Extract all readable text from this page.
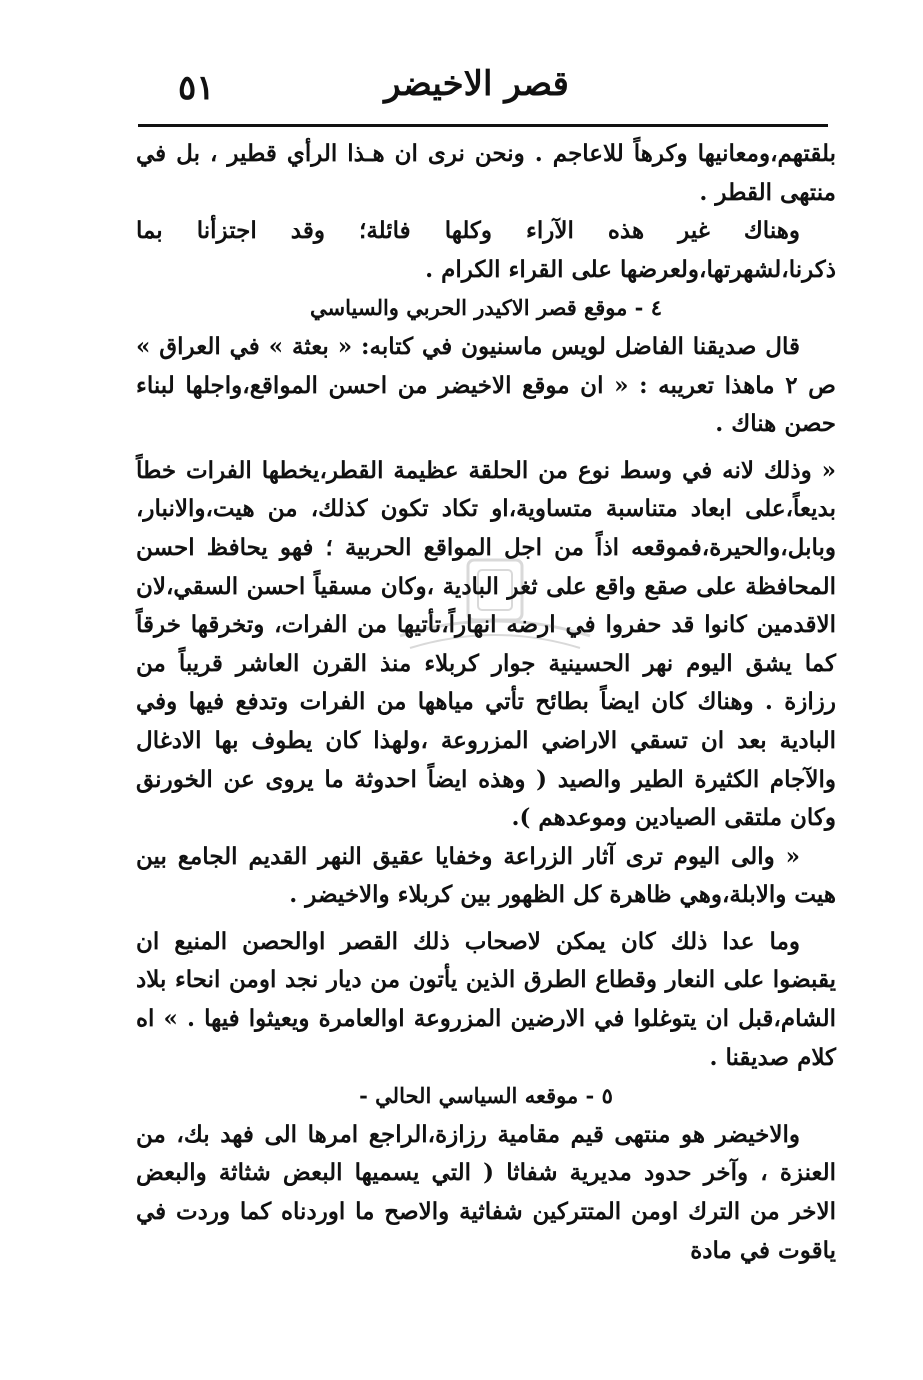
قصر الاخيضر
٥١

بلقتهم،ومعانيها وكرهاً للاعاجم . ونحن نرى ان هـذا الرأي قطير ، بل في منتهى القطر .

وهناك غير هذه الآراء وكلها فائلة؛ وقد اجتزأنا بما ذكرنا،لشهرتها،ولعرضها على القراء الكرام .

٤ - موقع قصر الاكيدر الحربي والسياسي

قال صديقنا الفاضل لويس ماسنيون في كتابه: « بعثة » في العراق » ص ٢ ماهذا تعريبه : « ان موقع الاخيضر من احسن المواقع،واجلها لبناء حصن هناك .

« وذلك لانه في وسط نوع من الحلقة عظيمة القطر،يخطها الفرات خطاً بديعاً،على ابعاد متناسبة متساوية،او تكاد تكون كذلك، من هيت،والانبار، وبابل،والحيرة،فموقعه اذاً من اجل المواقع الحربية ؛ فهو يحافظ احسن المحافظة على صقع واقع على ثغر البادية ،وكان مسقياً احسن السقي،لان الاقدمين كانوا قد حفروا في ارضه انهاراً،تأتيها من الفرات، وتخرقها خرقاً كما يشق اليوم نهر الحسينية جوار كربلاء منذ القرن العاشر قريباً من رزازة . وهناك كان ايضاً بطائح تأتي مياهها من الفرات وتدفع فيها وفي البادية بعد ان تسقي الاراضي المزروعة ،ولهذا كان يطوف بها الادغال والآجام الكثيرة الطير والصيد ( وهذه ايضاً احدوثة ما يروى عن الخورنق وكان ملتقى الصيادين وموعدهم ).

« والى اليوم ترى آثار الزراعة وخفايا عقيق النهر القديم الجامع بين هيت والابلة،وهي ظاهرة كل الظهور بين كربلاء والاخيضر .

وما عدا ذلك كان يمكن لاصحاب ذلك القصر اوالحصن المنيع ان يقبضوا على النعار وقطاع الطرق الذين يأتون من ديار نجد اومن انحاء بلاد الشام،قبل ان يتوغلوا في الارضين المزروعة اوالعامرة ويعيثوا فيها . » اه كلام صديقنا .

٥ - موقعه السياسي الحالي -

والاخيضر هو منتهى قيم مقامية رزازة،الراجع امرها الى فهد بك، من العنزة ، وآخر حدود مديرية شفاثا ( التي يسميها البعض شثاثة والبعض الاخر من الترك اومن المتتركين شفاثية والاصح ما اوردناه كما وردت في ياقوت في مادة
